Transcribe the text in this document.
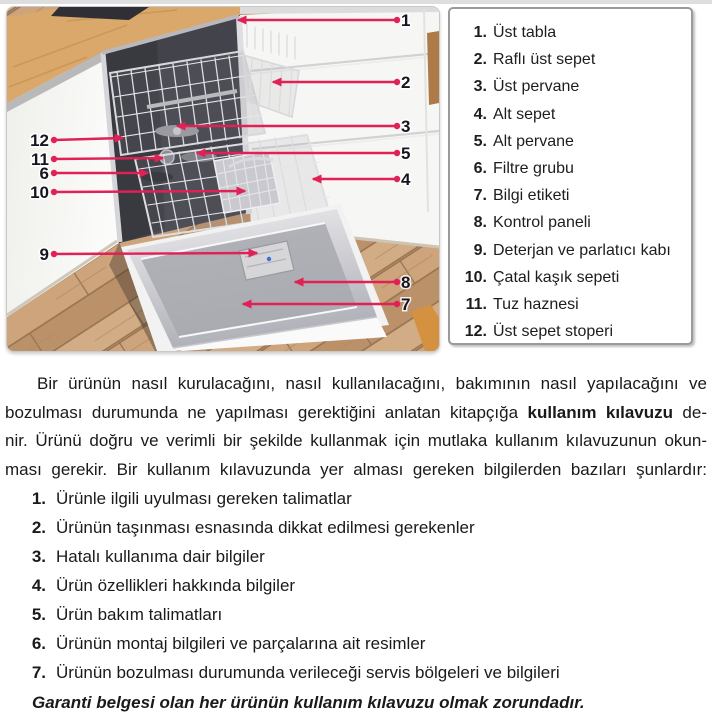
1
2
3
5
4
8
7
12
11
6
10
9
1. Üst tabla
2. Raflı üst sepet
3. Üst pervane
4. Alt sepet
5. Alt pervane
6. Filtre grubu
7. Bilgi etiketi
8. Kontrol paneli
9. Deterjan ve parlatıcı kabı
10. Çatal kaşık sepeti
11. Tuz haznesi
12. Üst sepet stoperi
Bir ürünün nasıl kurulacağını, nasıl kullanılacağını, bakımının nasıl yapılacağını ve
bozulması durumunda ne yapılması gerektiğini anlatan kitapçığa kullanım kılavuzu de-
nir. Ürünü doğru ve verimli bir şekilde kullanmak için mutlaka kullanım kılavuzunun okun-
ması gerekir. Bir kullanım kılavuzunda yer alması gereken bilgilerden bazıları şunlardır:
1. Ürünle ilgili uyulması gereken talimatlar
2. Ürünün taşınması esnasında dikkat edilmesi gerekenler
3. Hatalı kullanıma dair bilgiler
4. Ürün özellikleri hakkında bilgiler
5. Ürün bakım talimatları
6. Ürünün montaj bilgileri ve parçalarına ait resimler
7. Ürünün bozulması durumunda verileceği servis bölgeleri ve bilgileri
Garanti belgesi olan her ürünün kullanım kılavuzu olmak zorundadır.
